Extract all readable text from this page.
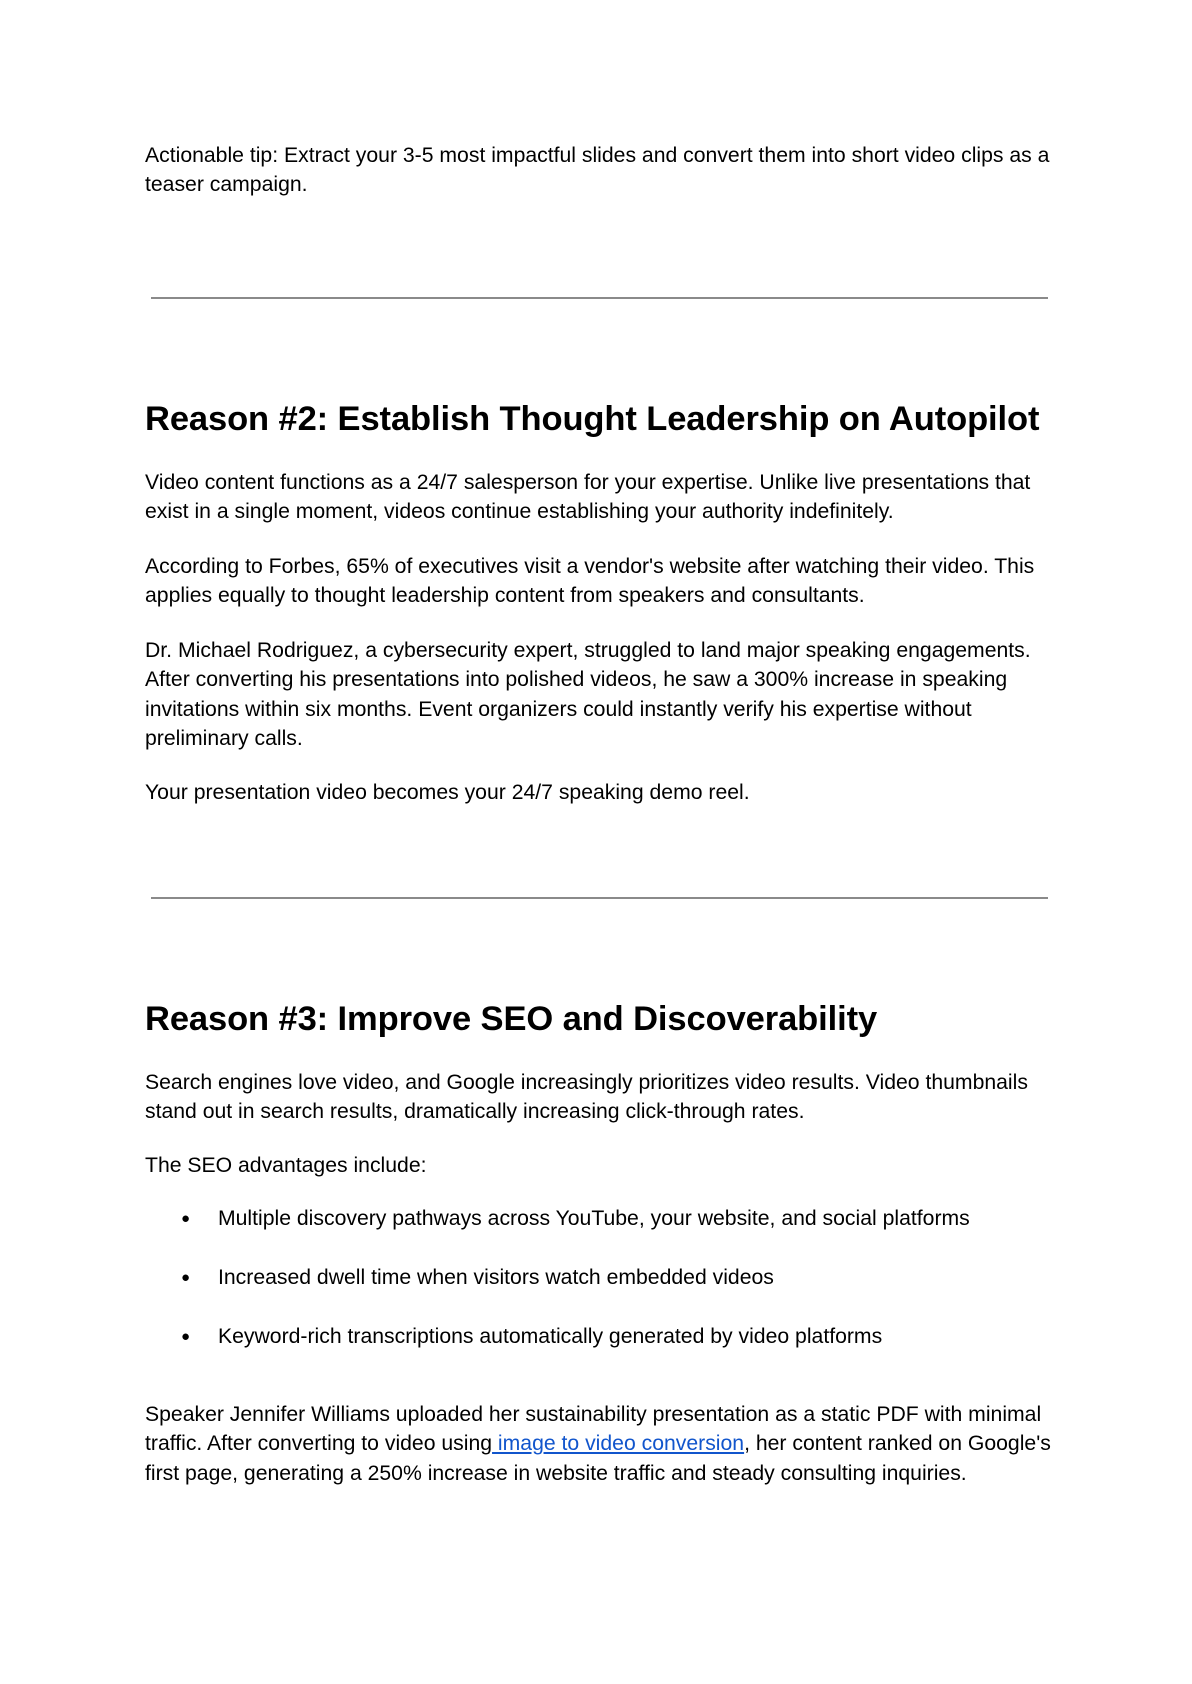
Actionable tip: Extract your 3-5 most impactful slides and convert them into short video clips as a teaser campaign.

Reason #2: Establish Thought Leadership on Autopilot

Video content functions as a 24/7 salesperson for your expertise. Unlike live presentations that exist in a single moment, videos continue establishing your authority indefinitely.

According to Forbes, 65% of executives visit a vendor's website after watching their video. This applies equally to thought leadership content from speakers and consultants.

Dr. Michael Rodriguez, a cybersecurity expert, struggled to land major speaking engagements. After converting his presentations into polished videos, he saw a 300% increase in speaking invitations within six months. Event organizers could instantly verify his expertise without preliminary calls.

Your presentation video becomes your 24/7 speaking demo reel.

Reason #3: Improve SEO and Discoverability

Search engines love video, and Google increasingly prioritizes video results. Video thumbnails stand out in search results, dramatically increasing click-through rates.

The SEO advantages include:

● Multiple discovery pathways across YouTube, your website, and social platforms
● Increased dwell time when visitors watch embedded videos
● Keyword-rich transcriptions automatically generated by video platforms

Speaker Jennifer Williams uploaded her sustainability presentation as a static PDF with minimal traffic. After converting to video using image to video conversion, her content ranked on Google's first page, generating a 250% increase in website traffic and steady consulting inquiries.
